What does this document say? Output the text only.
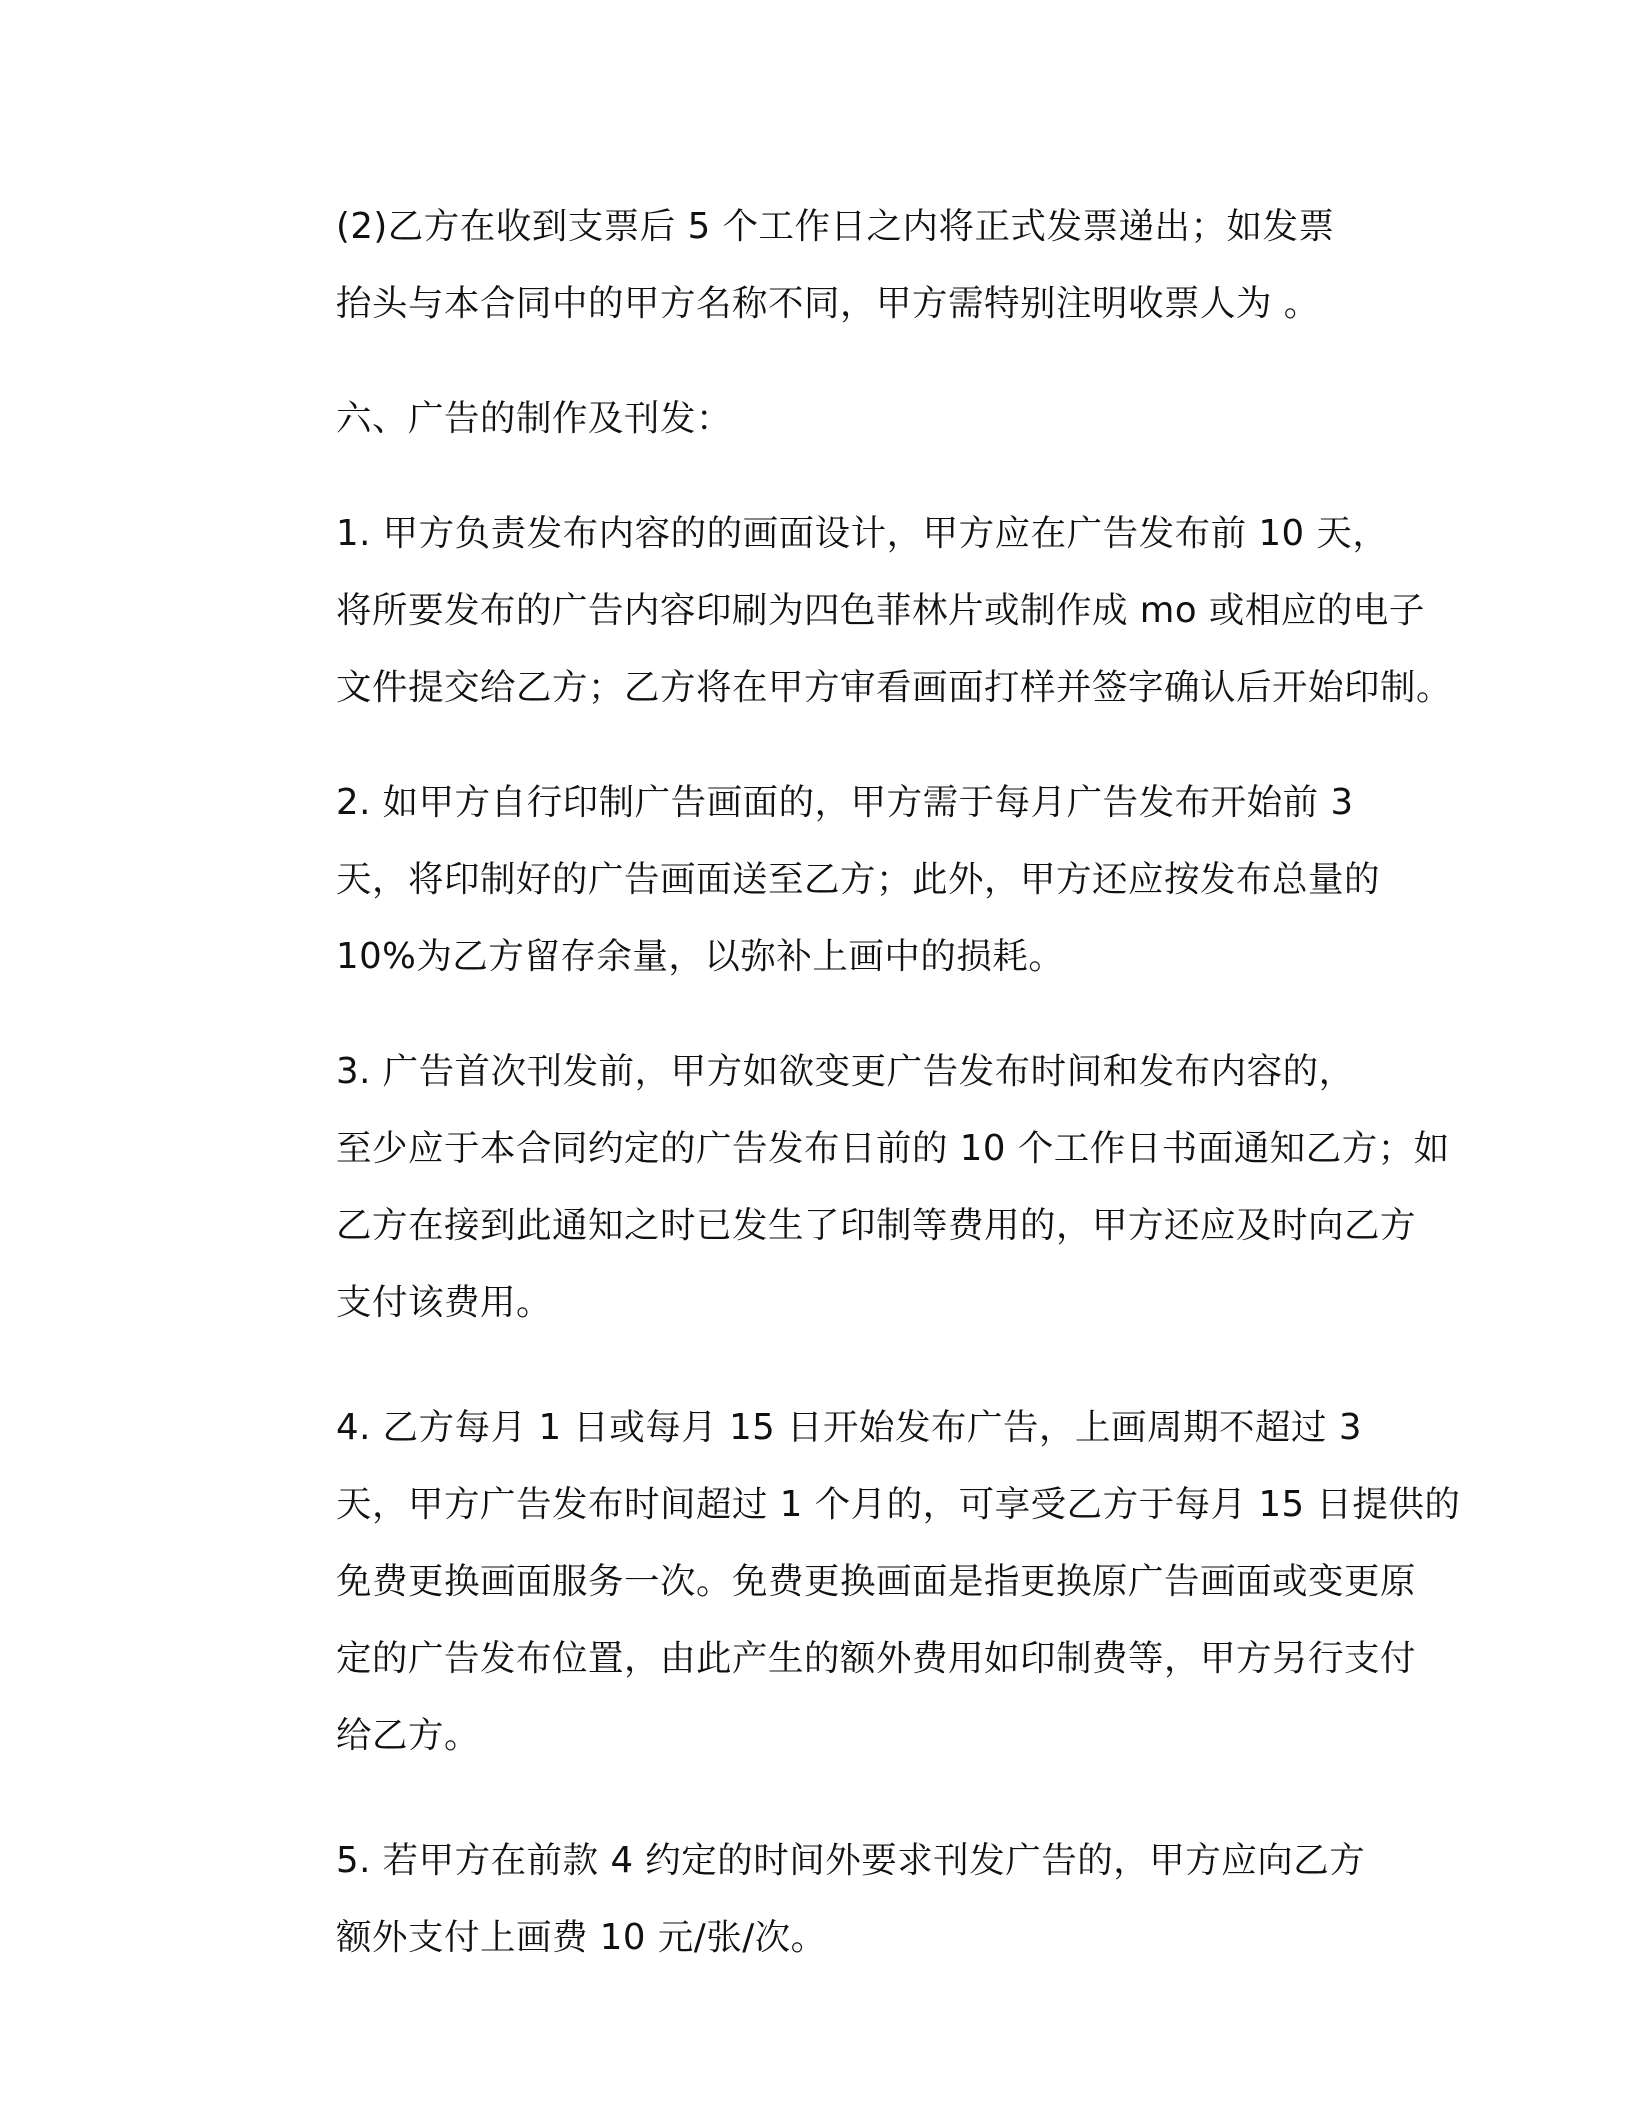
(2)乙方在收到支票后 5 个工作日之内将正式发票递出；如发票
抬头与本合同中的甲方名称不同，甲方需特别注明收票人为 。

六、广告的制作及刊发：

1. 甲方负责发布内容的的画面设计，甲方应在广告发布前 10 天，
将所要发布的广告内容印刷为四色菲林片或制作成 mo 或相应的电子
文件提交给乙方；乙方将在甲方审看画面打样并签字确认后开始印制。

2. 如甲方自行印制广告画面的，甲方需于每月广告发布开始前 3
天，将印制好的广告画面送至乙方；此外，甲方还应按发布总量的
10%为乙方留存余量，以弥补上画中的损耗。

3. 广告首次刊发前，甲方如欲变更广告发布时间和发布内容的，
至少应于本合同约定的广告发布日前的 10 个工作日书面通知乙方；如
乙方在接到此通知之时已发生了印制等费用的，甲方还应及时向乙方
支付该费用。

4. 乙方每月 1 日或每月 15 日开始发布广告，上画周期不超过 3
天，甲方广告发布时间超过 1 个月的，可享受乙方于每月 15 日提供的
免费更换画面服务一次。免费更换画面是指更换原广告画面或变更原
定的广告发布位置，由此产生的额外费用如印制费等，甲方另行支付
给乙方。

5. 若甲方在前款 4 约定的时间外要求刊发广告的，甲方应向乙方
额外支付上画费 10 元/张/次。
